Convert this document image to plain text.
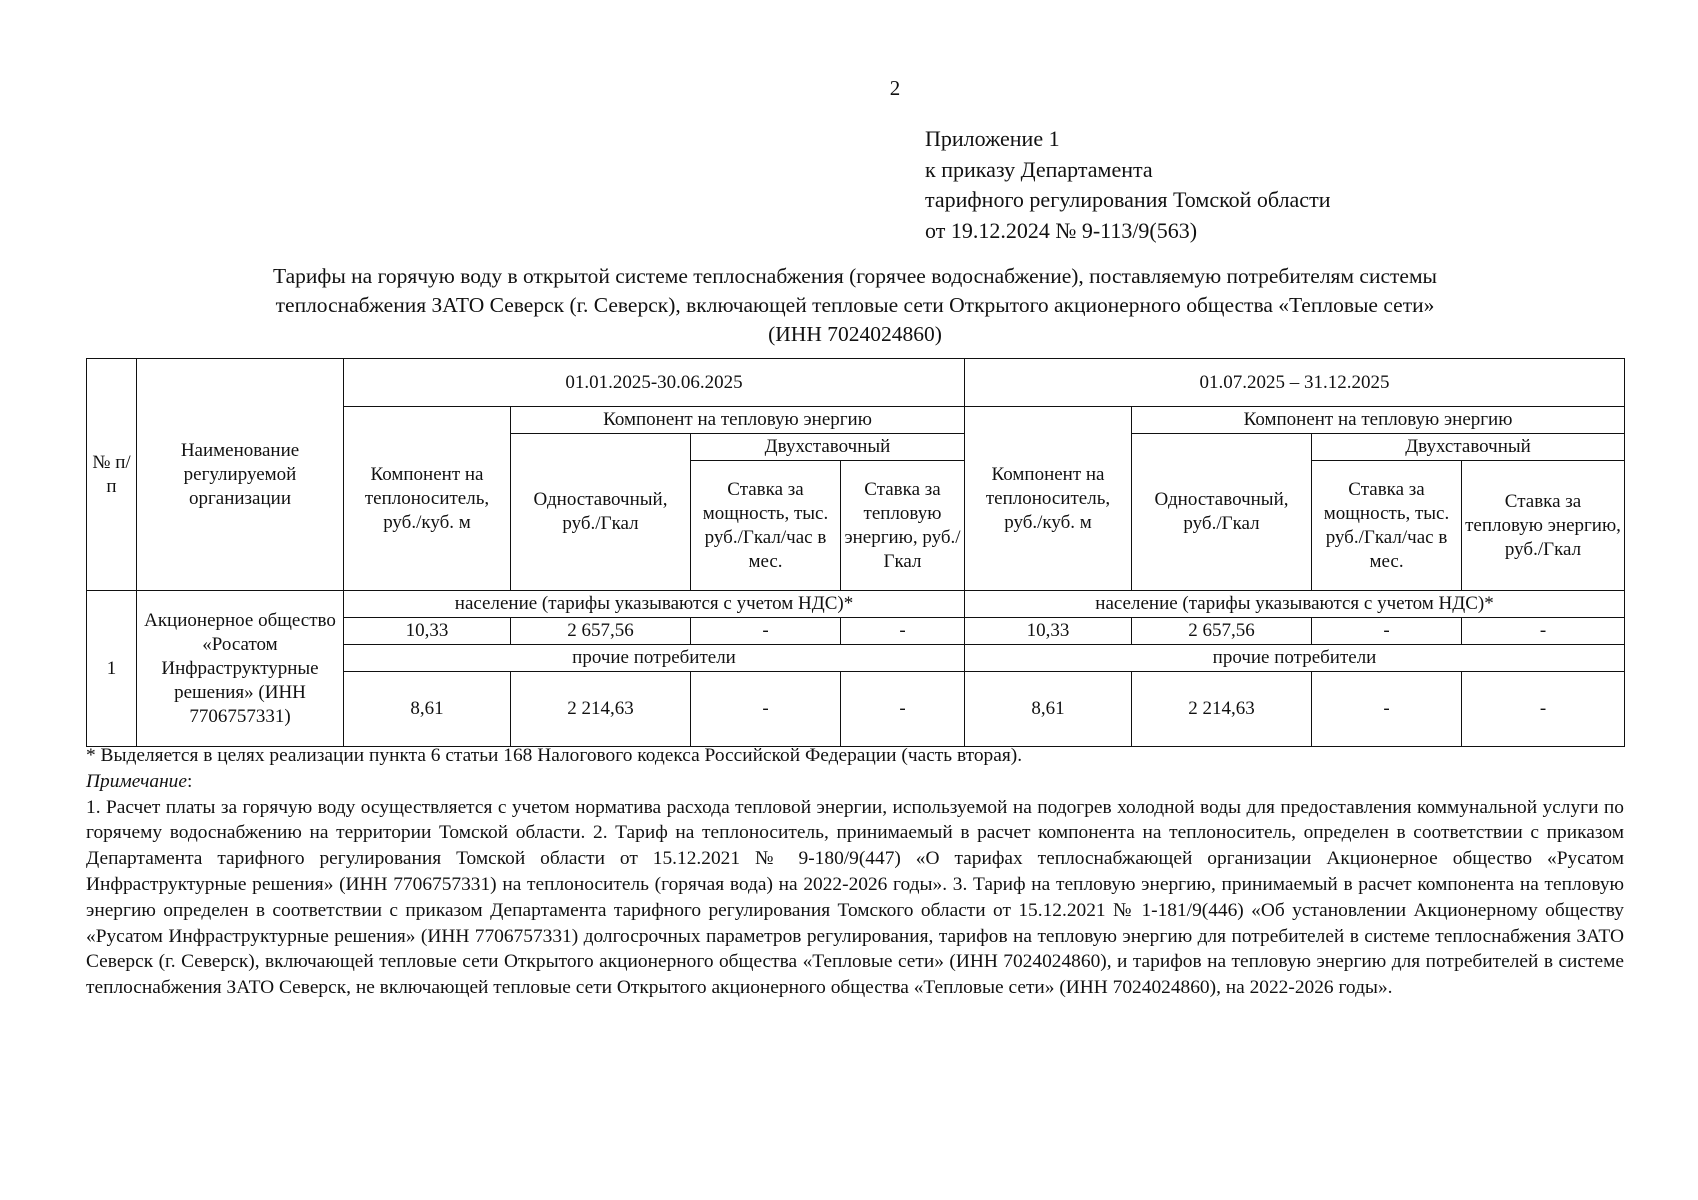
2
Приложение 1
к приказу Департамента
тарифного регулирования Томской области
от 19.12.2024 № 9-113/9(563)
Тарифы на горячую воду в открытой системе теплоснабжения (горячее водоснабжение), поставляемую потребителям системы
теплоснабжения ЗАТО Северск (г. Северск), включающей тепловые сети Открытого акционерного общества «Тепловые сети»
(ИНН 7024024860)
№ п/п	Наименование регулируемой организации	01.01.2025-30.06.2025				01.07.2025 – 31.12.2025			
		Компонент на теплоноситель, руб./куб. м	Компонент на тепловую энергию			Компонент на теплоноситель, руб./куб. м	Компонент на тепловую энергию		
			Одноставочный, руб./Гкал	Двухставочный			Одноставочный, руб./Гкал	Двухставочный	
				Ставка за мощность, тыс. руб./Гкал/час в мес.	Ставка за тепловую энергию, руб./Гкал			Ставка за мощность, тыс. руб./Гкал/час в мес.	Ставка за тепловую энергию, руб./Гкал
1	Акционерное общество «Росатом Инфраструктурные решения» (ИНН 7706757331)	население (тарифы указываются с учетом НДС)*				население (тарифы указываются с учетом НДС)*			
		10,33	2 657,56	-	-	10,33	2 657,56	-	-
		прочие потребители				прочие потребители			
		8,61	2 214,63	-	-	8,61	2 214,63	-	-
* Выделяется в целях реализации пункта 6 статьи 168 Налогового кодекса Российской Федерации (часть вторая).
Примечание:
1. Расчет платы за горячую воду осуществляется с учетом норматива расхода тепловой энергии, используемой на подогрев холодной воды для предоставления коммунальной услуги по горячему водоснабжению на территории Томской области. 2. Тариф на теплоноситель, принимаемый в расчет компонента на теплоноситель, определен в соответствии с приказом Департамента тарифного регулирования Томской области от 15.12.2021 № 9-180/9(447) «О тарифах теплоснабжающей организации Акционерное общество «Русатом Инфраструктурные решения» (ИНН 7706757331) на теплоноситель (горячая вода) на 2022-2026 годы». 3. Тариф на тепловую энергию, принимаемый в расчет компонента на тепловую энергию определен в соответствии с приказом Департамента тарифного регулирования Томского области от 15.12.2021 № 1-181/9(446) «Об установлении Акционерному обществу «Русатом Инфраструктурные решения» (ИНН 7706757331) долгосрочных параметров регулирования, тарифов на тепловую энергию для потребителей в системе теплоснабжения ЗАТО Северск (г. Северск), включающей тепловые сети Открытого акционерного общества «Тепловые сети» (ИНН 7024024860), и тарифов на тепловую энергию для потребителей в системе теплоснабжения ЗАТО Северск, не включающей тепловые сети Открытого акционерного общества «Тепловые сети» (ИНН 7024024860), на 2022-2026 годы».
